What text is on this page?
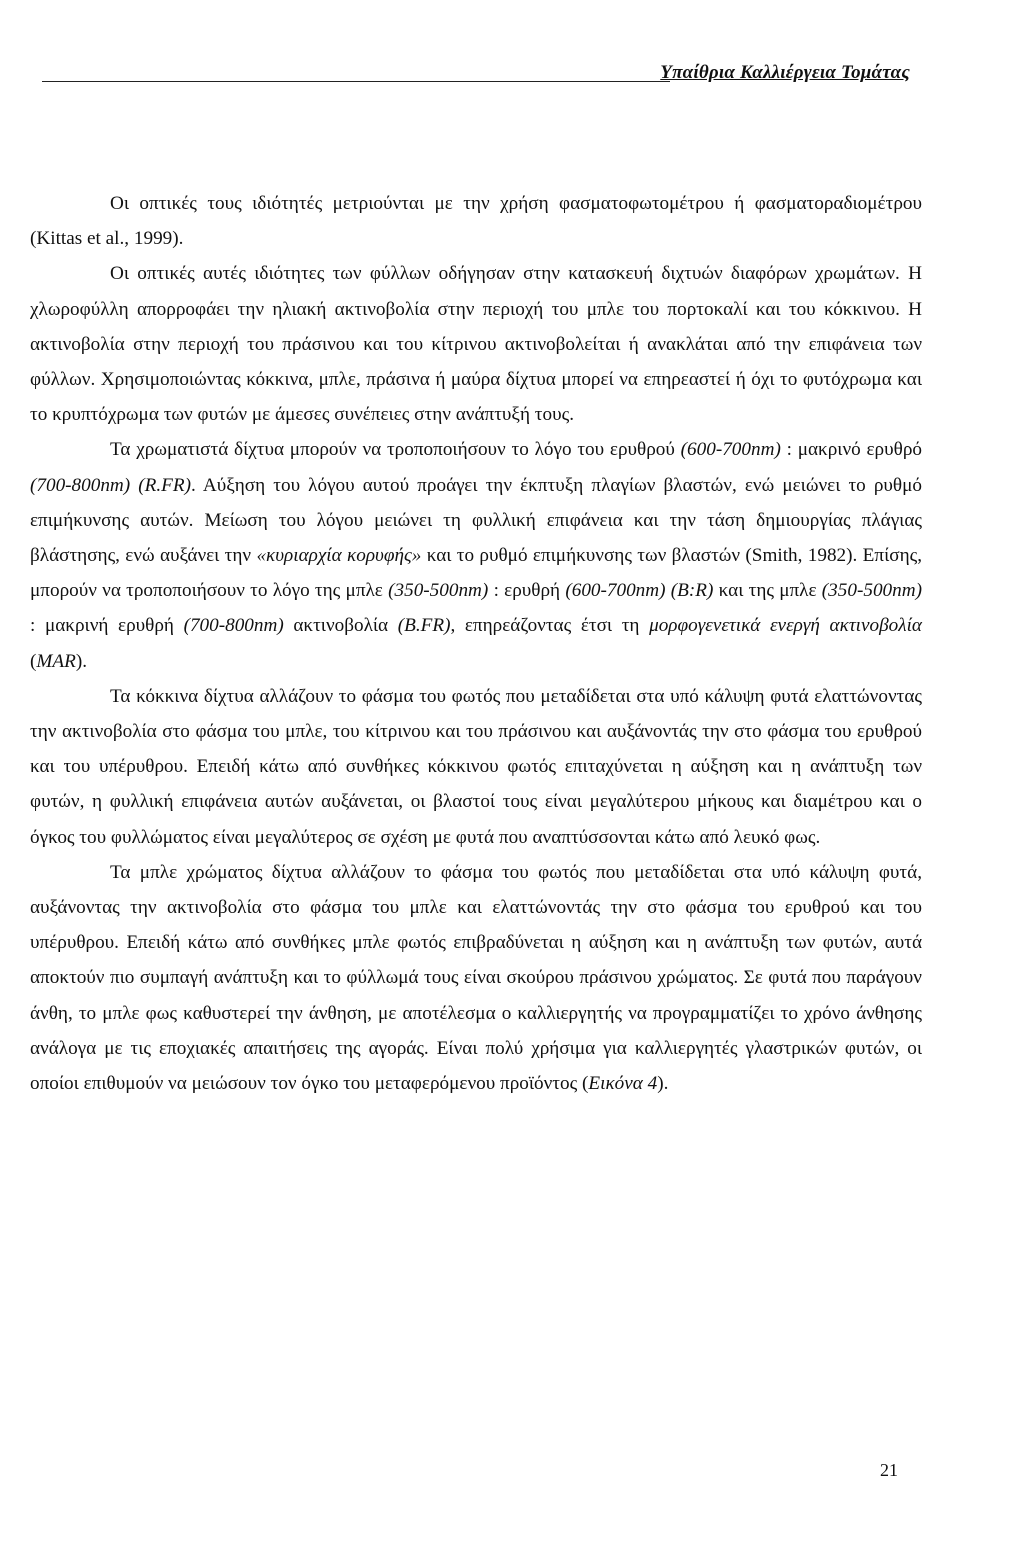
Υπαίθρια Καλλιέργεια Τομάτας

Οι οπτικές τους ιδιότητές μετριούνται με την χρήση φασματοφωτομέτρου ή φασματοραδιομέτρου (Kittas et al., 1999).

Οι οπτικές αυτές ιδιότητες των φύλλων οδήγησαν στην κατασκευή διχτυών διαφόρων χρωμάτων. Η χλωροφύλλη απορροφάει την ηλιακή ακτινοβολία στην περιοχή του μπλε του πορτοκαλί και του κόκκινου. Η ακτινοβολία στην περιοχή του πράσινου και του κίτρινου ακτινοβολείται ή ανακλάται από την επιφάνεια των φύλλων. Χρησιμοποιώντας κόκκινα, μπλε, πράσινα ή μαύρα δίχτυα μπορεί να επηρεαστεί ή όχι το φυτόχρωμα και το κρυπτόχρωμα των φυτών με άμεσες συνέπειες στην ανάπτυξή τους.

Τα χρωματιστά δίχτυα μπορούν να τροποποιήσουν το λόγο του ερυθρού (600-700nm) : μακρινό ερυθρό (700-800nm) (R.FR). Αύξηση του λόγου αυτού προάγει την έκπτυξη πλαγίων βλαστών, ενώ μειώνει το ρυθμό επιμήκυνσης αυτών. Μείωση του λόγου μειώνει τη φυλλική επιφάνεια και την τάση δημιουργίας πλάγιας βλάστησης, ενώ αυξάνει την «κυριαρχία κορυφής» και το ρυθμό επιμήκυνσης των βλαστών (Smith, 1982). Επίσης, μπορούν να τροποποιήσουν το λόγο της μπλε (350-500nm) : ερυθρή (600-700nm) (B:R) και της μπλε (350-500nm) : μακρινή ερυθρή (700-800nm) ακτινοβολία (B.FR), επηρεάζοντας έτσι τη μορφογενετικά ενεργή ακτινοβολία (MAR).

Τα κόκκινα δίχτυα αλλάζουν το φάσμα του φωτός που μεταδίδεται στα υπό κάλυψη φυτά ελαττώνοντας την ακτινοβολία στο φάσμα του μπλε, του κίτρινου και του πράσινου και αυξάνοντάς την στο φάσμα του ερυθρού και του υπέρυθρου. Επειδή κάτω από συνθήκες κόκκινου φωτός επιταχύνεται η αύξηση και η ανάπτυξη των φυτών, η φυλλική επιφάνεια αυτών αυξάνεται, οι βλαστοί τους είναι μεγαλύτερου μήκους και διαμέτρου και ο όγκος του φυλλώματος είναι μεγαλύτερος σε σχέση με φυτά που αναπτύσσονται κάτω από λευκό φως.

Τα μπλε χρώματος δίχτυα αλλάζουν το φάσμα του φωτός που μεταδίδεται στα υπό κάλυψη φυτά, αυξάνοντας την ακτινοβολία στο φάσμα του μπλε και ελαττώνοντάς την στο φάσμα του ερυθρού και του υπέρυθρου. Επειδή κάτω από συνθήκες μπλε φωτός επιβραδύνεται η αύξηση και η ανάπτυξη των φυτών, αυτά αποκτούν πιο συμπαγή ανάπτυξη και το φύλλωμά τους είναι σκούρου πράσινου χρώματος. Σε φυτά που παράγουν άνθη, το μπλε φως καθυστερεί την άνθηση, με αποτέλεσμα ο καλλιεργητής να προγραμματίζει το χρόνο άνθησης ανάλογα με τις εποχιακές απαιτήσεις της αγοράς. Είναι πολύ χρήσιμα για καλλιεργητές γλαστρικών φυτών, οι οποίοι επιθυμούν να μειώσουν τον όγκο του μεταφερόμενου προϊόντος (Εικόνα 4).

21
